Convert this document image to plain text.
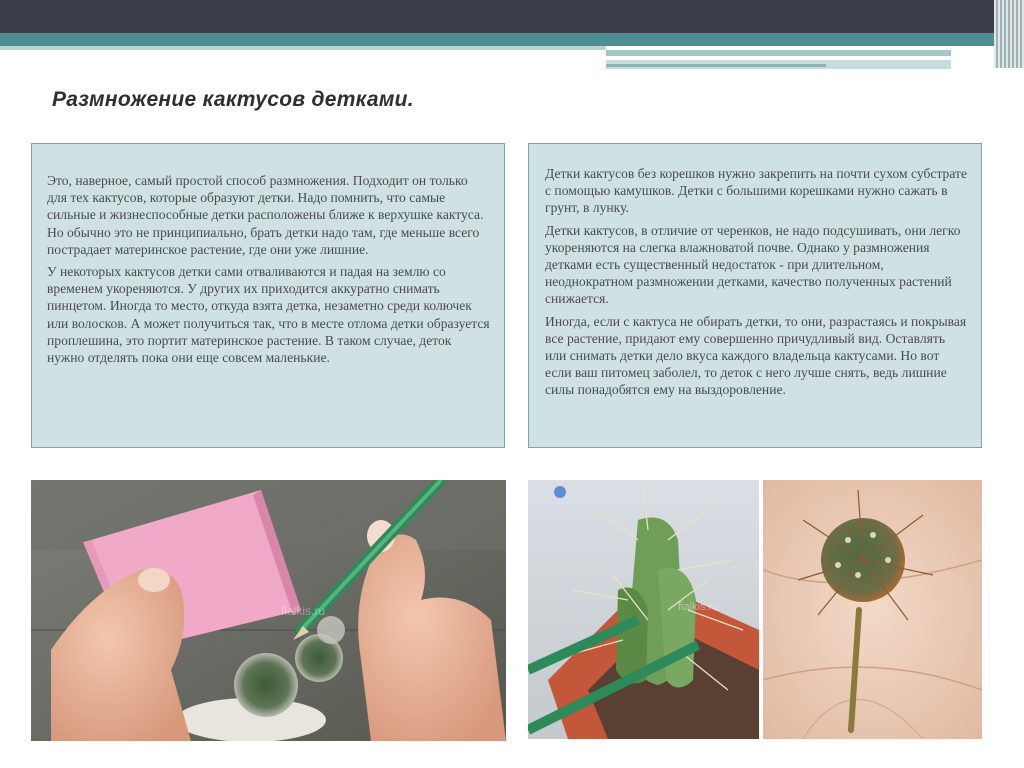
Размножение кактусов детками.

Это, наверное, самый простой способ размножения. Подходит он только для тех кактусов, которые образуют детки. Надо помнить, что самые сильные и жизнеспособные детки расположены ближе к верхушке кактуса. Но обычно это не принципиально, брать детки надо там, где меньше всего пострадает материнское растение, где они уже лишние.

У некоторых кактусов детки сами отваливаются и падая на землю со временем укореняются. У других их приходится аккуратно снимать пинцетом. Иногда то место, откуда взята детка, незаметно среди колючек или волосков. А может получиться так, что в месте отлома детки образуется проплешина, это портит материнское растение. В таком случае, деток нужно отделять пока они еще совсем маленькие.

Детки кактусов без корешков нужно закрепить на почти сухом субстрате с помощью камушков. Детки с большими корешками нужно сажать в грунт, в лунку.

Детки кактусов, в отличие от черенков, не надо подсушивать, они легко укореняются на слегка влажноватой почве. Однако у размножения детками есть существенный недостаток - при длительном, неоднократном размножении детками, качество полученных растений снижается.

Иногда, если с кактуса не обирать детки, то они, разрастаясь и покрывая все растение, придают ему совершенно причудливый вид. Оставлять или снимать детки дело вкуса каждого владельца кактусами. Но вот если ваш питомец заболел, то деток с него лучше снять, ведь лишние силы понадобятся ему на выздоровление.

fialkis.ru	fialkis.ru
